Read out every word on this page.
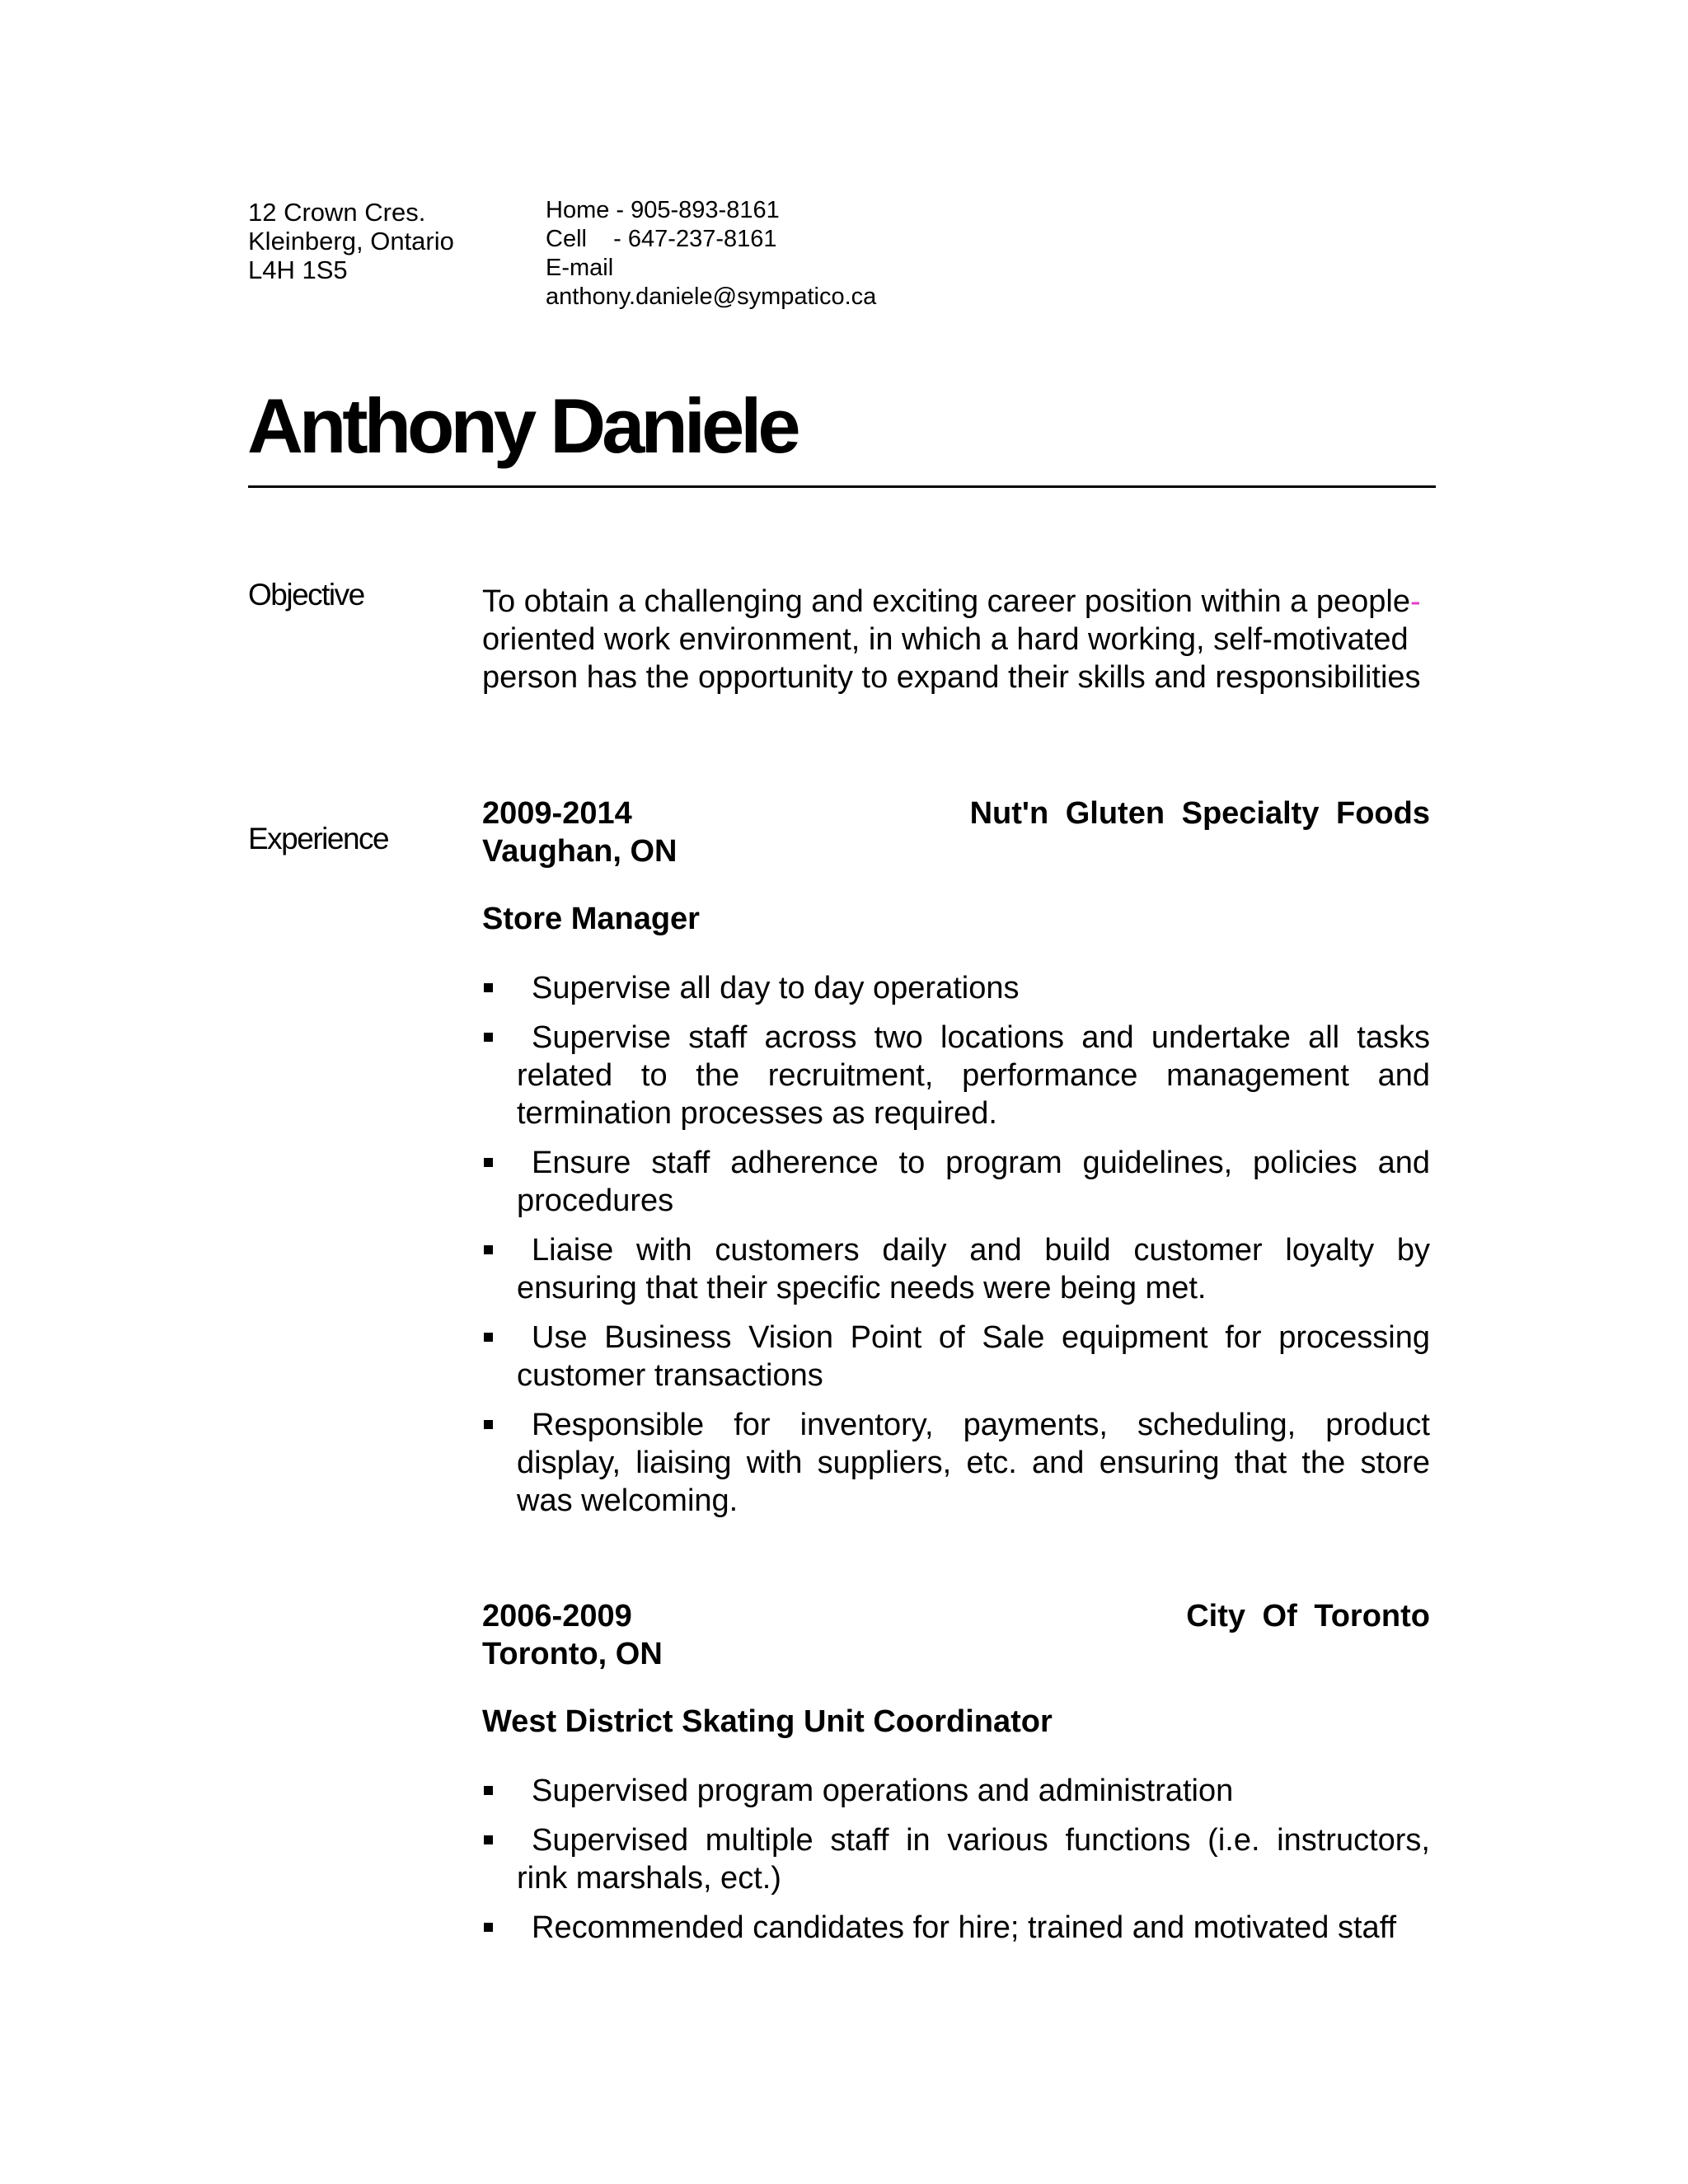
12 Crown Cres.
Kleinberg, Ontario
L4H 1S5
Home - 905-893-8161
Cell    - 647-237-8161
E-mail
anthony.daniele@sympatico.ca
Anthony Daniele
Objective	To obtain a challenging and exciting career position within a people- oriented work environment, in which a hard working, self-motivated person has the opportunity to expand their skills and responsibilities
Experience
2009-2014
Vaughan, ON
Nut'n Gluten Specialty Foods
Store Manager
Supervise all day to day operations
Supervise staff across two locations and undertake all tasks related to the recruitment, performance management and termination processes as required.
Ensure staff adherence to program guidelines, policies and procedures
Liaise with customers daily and build customer loyalty by ensuring that their specific needs were being met.
Use Business Vision Point of Sale equipment for processing customer transactions
Responsible for inventory, payments, scheduling, product display, liaising with suppliers, etc. and ensuring that the store was welcoming.
2006-2009
Toronto, ON
City Of Toronto
West District Skating Unit Coordinator
Supervised program operations and administration
Supervised multiple staff in various functions (i.e. instructors, rink marshals, ect.)
Recommended candidates for hire; trained and motivated staff
